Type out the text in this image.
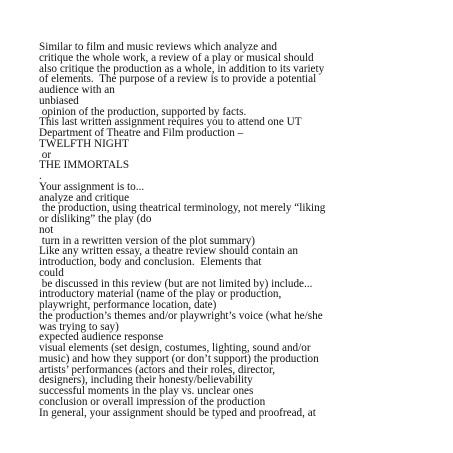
Similar to film and music reviews which analyze and
critique the whole work, a review of a play or musical should
also critique the production as a whole, in addition to its variety
of elements.  The purpose of a review is to provide a potential
audience with an
unbiased
opinion of the production, supported by facts.
This last written assignment requires you to attend one UT
Department of Theatre and Film production –
TWELFTH NIGHT
or
THE IMMORTALS
.
Your assignment is to...
analyze and critique
the production, using theatrical terminology, not merely “liking
or disliking” the play (do
not
turn in a rewritten version of the plot summary)
Like any written essay, a theatre review should contain an
introduction, body and conclusion.  Elements that
could
be discussed in this review (but are not limited by) include...
introductory material (name of the play or production,
playwright, performance location, date)
the production’s themes and/or playwright’s voice (what he/she
was trying to say)
expected audience response
visual elements (set design, costumes, lighting, sound and/or
music) and how they support (or don’t support) the production
artists’ performances (actors and their roles, director,
designers), including their honesty/believability
successful moments in the play vs. unclear ones
conclusion or overall impression of the production
In general, your assignment should be typed and proofread, at
